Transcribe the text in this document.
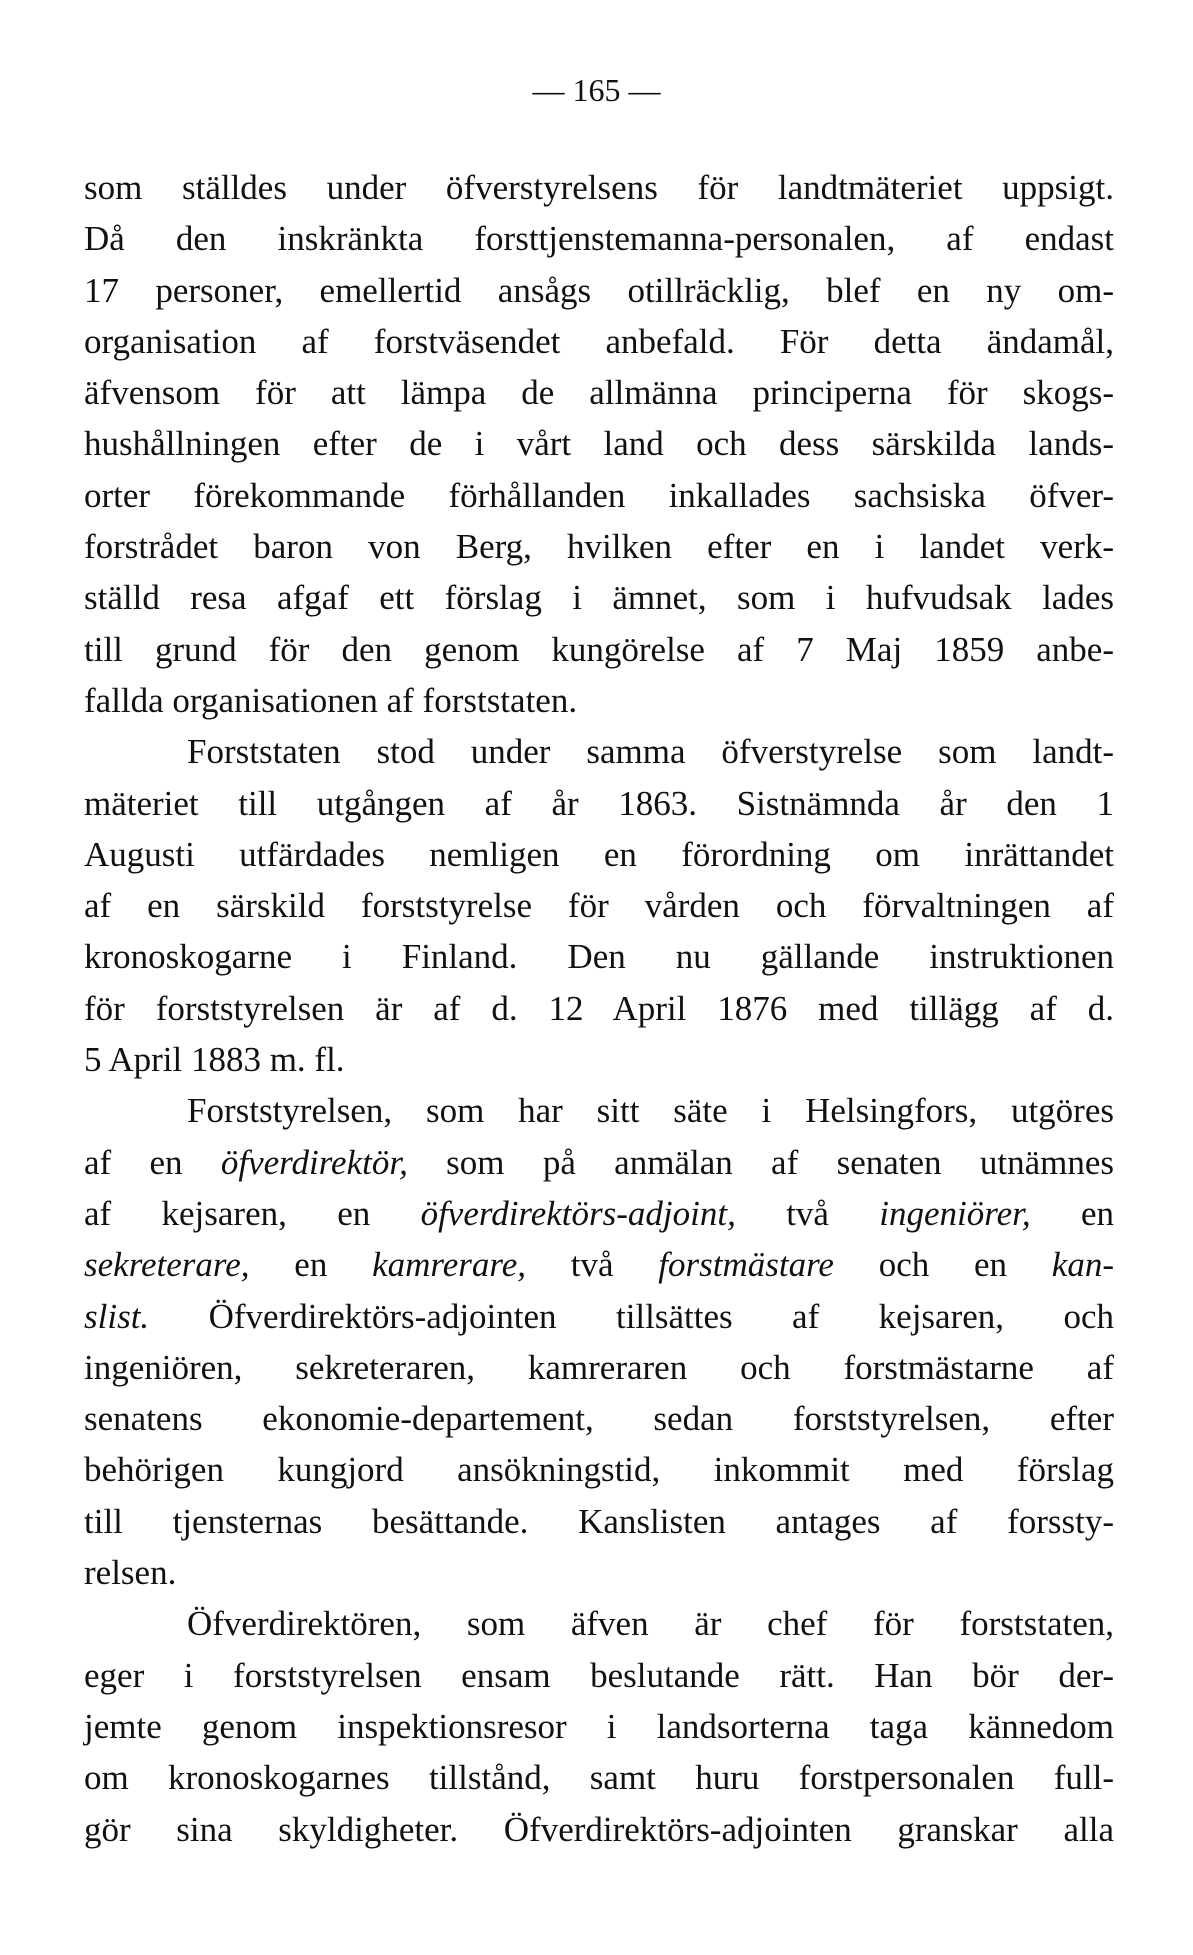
— 165 —
som ställdes under öfverstyrelsens för landtmäteriet uppsigt.
Då den inskränkta forsttjenstemanna-personalen, af endast
17 personer, emellertid ansågs otillräcklig, blef en ny om-
organisation af forstväsendet anbefald. För detta ändamål,
äfvensom för att lämpa de allmänna principerna för skogs-
hushållningen efter de i vårt land och dess särskilda lands-
orter förekommande förhållanden inkallades sachsiska öfver-
forstrådet baron von Berg, hvilken efter en i landet verk-
ställd resa afgaf ett förslag i ämnet, som i hufvudsak lades
till grund för den genom kungörelse af 7 Maj 1859 anbe-
fallda organisationen af forststaten.
Forststaten stod under samma öfverstyrelse som landt-
mäteriet till utgången af år 1863. Sistnämnda år den 1
Augusti utfärdades nemligen en förordning om inrättandet
af en särskild forststyrelse för vården och förvaltningen af
kronoskogarne i Finland. Den nu gällande instruktionen
för forststyrelsen är af d. 12 April 1876 med tillägg af d.
5 April 1883 m. fl.
Forststyrelsen, som har sitt säte i Helsingfors, utgöres
af en öfverdirektör, som på anmälan af senaten utnämnes
af kejsaren, en öfverdirektörs-adjoint, två ingeniörer, en
sekreterare, en kamrerare, två forstmästare och en kan-
slist. Öfverdirektörs-adjointen tillsättes af kejsaren, och
ingeniören, sekreteraren, kamreraren och forstmästarne af
senatens ekonomie-departement, sedan forststyrelsen, efter
behörigen kungjord ansökningstid, inkommit med förslag
till tjensternas besättande. Kanslisten antages af forssty-
relsen.
Öfverdirektören, som äfven är chef för forststaten,
eger i forststyrelsen ensam beslutande rätt. Han bör der-
jemte genom inspektionsresor i landsorterna taga kännedom
om kronoskogarnes tillstånd, samt huru forstpersonalen full-
gör sina skyldigheter. Öfverdirektörs-adjointen granskar alla
